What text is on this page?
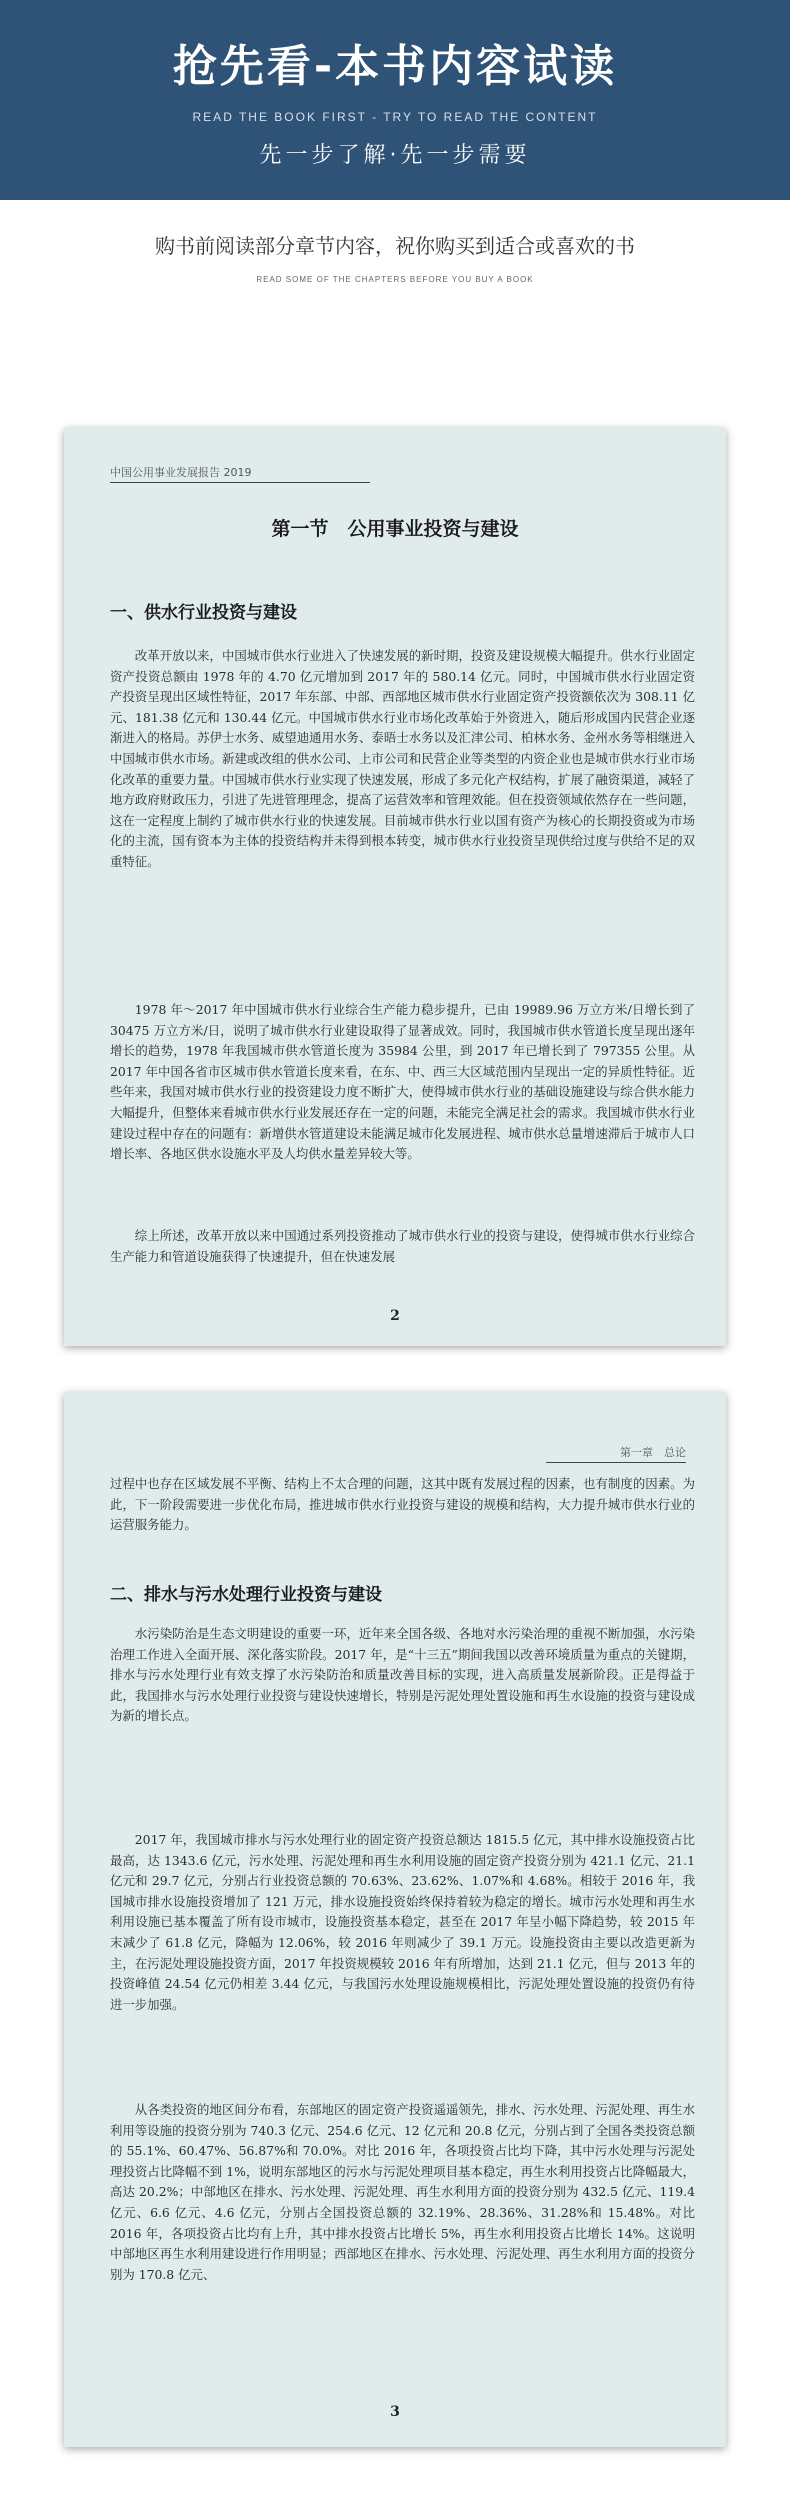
抢先看-本书内容试读
READ THE BOOK FIRST - TRY TO READ THE CONTENT
先一步了解·先一步需要
购书前阅读部分章节内容，祝你购买到适合或喜欢的书
READ SOME OF THE CHAPTERS BEFORE YOU BUY A BOOK
中国公用事业发展报告 2019
第一节　公用事业投资与建设
一、供水行业投资与建设

改革开放以来，中国城市供水行业进入了快速发展的新时期，投资及建设规模大幅提升。供水行业固定资产投资总额由 1978 年的 4.70 亿元增加到 2017 年的 580.14 亿元。同时，中国城市供水行业固定资产投资呈现出区域性特征，2017 年东部、中部、西部地区城市供水行业固定资产投资额依次为 308.11 亿元、181.38 亿元和 130.44 亿元。中国城市供水行业市场化改革始于外资进入，随后形成国内民营企业逐渐进入的格局。苏伊士水务、威望迪通用水务、泰晤士水务以及汇津公司、柏林水务、金州水务等相继进入中国城市供水市场。新建或改组的供水公司、上市公司和民营企业等类型的内资企业也是城市供水行业市场化改革的重要力量。中国城市供水行业实现了快速发展，形成了多元化产权结构，扩展了融资渠道，减轻了地方政府财政压力，引进了先进管理理念，提高了运营效率和管理效能。但在投资领域依然存在一些问题，这在一定程度上制约了城市供水行业的快速发展。目前城市供水行业以国有资产为核心的长期投资或为市场化的主流，国有资本为主体的投资结构并未得到根本转变，城市供水行业投资呈现供给过度与供给不足的双重特征。

1978 年～2017 年中国城市供水行业综合生产能力稳步提升，已由 19989.96 万立方米/日增长到了 30475 万立方米/日，说明了城市供水行业建设取得了显著成效。同时，我国城市供水管道长度呈现出逐年增长的趋势，1978 年我国城市供水管道长度为 35984 公里，到 2017 年已增长到了 797355 公里。从 2017 年中国各省市区城市供水管道长度来看，在东、中、西三大区域范围内呈现出一定的异质性特征。近些年来，我国对城市供水行业的投资建设力度不断扩大，使得城市供水行业的基础设施建设与综合供水能力大幅提升，但整体来看城市供水行业发展还存在一定的问题，未能完全满足社会的需求。我国城市供水行业建设过程中存在的问题有：新增供水管道建设未能满足城市化发展进程、城市供水总量增速滞后于城市人口增长率、各地区供水设施水平及人均供水量差异较大等。

综上所述，改革开放以来中国通过系列投资推动了城市供水行业的投资与建设，使得城市供水行业综合生产能力和管道设施获得了快速提升，但在快速发展

2
第一章　总论

过程中也存在区域发展不平衡、结构上不太合理的问题，这其中既有发展过程的因素，也有制度的因素。为此，下一阶段需要进一步优化布局，推进城市供水行业投资与建设的规模和结构，大力提升城市供水行业的运营服务能力。

二、排水与污水处理行业投资与建设

水污染防治是生态文明建设的重要一环，近年来全国各级、各地对水污染治理的重视不断加强，水污染治理工作进入全面开展、深化落实阶段。2017 年，是“十三五”期间我国以改善环境质量为重点的关键期，排水与污水处理行业有效支撑了水污染防治和质量改善目标的实现，进入高质量发展新阶段。正是得益于此，我国排水与污水处理行业投资与建设快速增长，特别是污泥处理处置设施和再生水设施的投资与建设成为新的增长点。

2017 年，我国城市排水与污水处理行业的固定资产投资总额达 1815.5 亿元，其中排水设施投资占比最高，达 1343.6 亿元，污水处理、污泥处理和再生水利用设施的固定资产投资分别为 421.1 亿元、21.1 亿元和 29.7 亿元，分别占行业投资总额的 70.63%、23.62%、1.07%和 4.68%。相较于 2016 年，我国城市排水设施投资增加了 121 万元，排水设施投资始终保持着较为稳定的增长。城市污水处理和再生水利用设施已基本覆盖了所有设市城市，设施投资基本稳定，甚至在 2017 年呈小幅下降趋势，较 2015 年末减少了 61.8 亿元，降幅为 12.06%，较 2016 年则减少了 39.1 万元。设施投资由主要以改造更新为主，在污泥处理设施投资方面，2017 年投资规模较 2016 年有所增加，达到 21.1 亿元，但与 2013 年的投资峰值 24.54 亿元仍相差 3.44 亿元，与我国污水处理设施规模相比，污泥处理处置设施的投资仍有待进一步加强。

从各类投资的地区间分布看，东部地区的固定资产投资遥遥领先，排水、污水处理、污泥处理、再生水利用等设施的投资分别为 740.3 亿元、254.6 亿元、12 亿元和 20.8 亿元，分别占到了全国各类投资总额的 55.1%、60.47%、56.87%和 70.0%。对比 2016 年，各项投资占比均下降，其中污水处理与污泥处理投资占比降幅不到 1%，说明东部地区的污水与污泥处理项目基本稳定，再生水利用投资占比降幅最大，高达 20.2%；中部地区在排水、污水处理、污泥处理、再生水利用方面的投资分别为 432.5 亿元、119.4 亿元、6.6 亿元、4.6 亿元，分别占全国投资总额的 32.19%、28.36%、31.28%和 15.48%。对比 2016 年，各项投资占比均有上升，其中排水投资占比增长 5%，再生水利用投资占比增长 14%。这说明中部地区再生水利用建设进行作用明显；西部地区在排水、污水处理、污泥处理、再生水利用方面的投资分别为 170.8 亿元、

3
